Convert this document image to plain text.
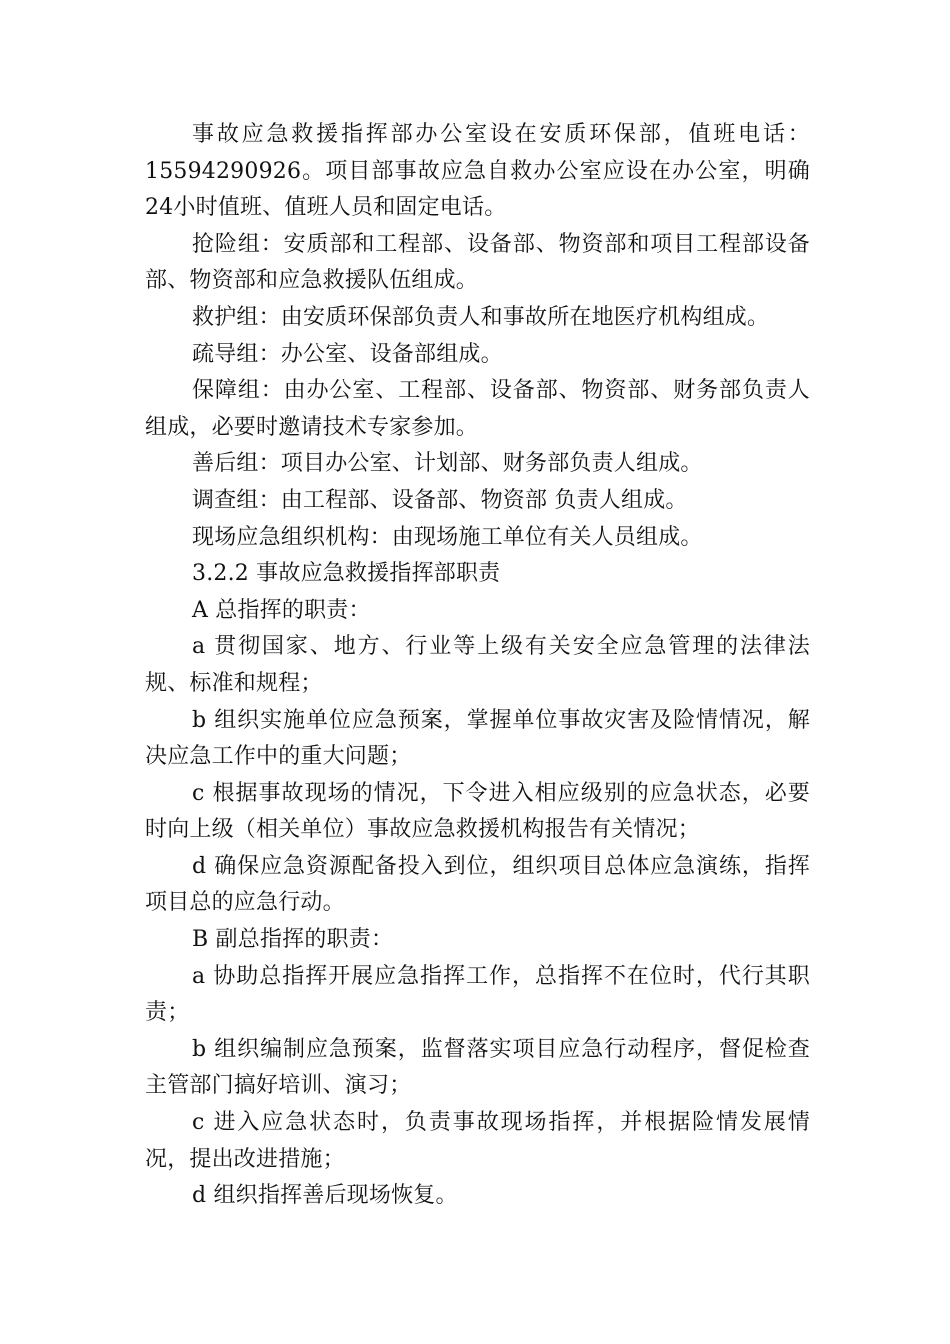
事故应急救援指挥部办公室设在安质环保部，值班电话：15594290926。项目部事故应急自救办公室应设在办公室，明确24小时值班、值班人员和固定电话。

抢险组：安质部和工程部、设备部、物资部和项目工程部设备部、物资部和应急救援队伍组成。

救护组：由安质环保部负责人和事故所在地医疗机构组成。

疏导组：办公室、设备部组成。

保障组：由办公室、工程部、设备部、物资部、财务部负责人组成，必要时邀请技术专家参加。

善后组：项目办公室、计划部、财务部负责人组成。

调查组：由工程部、设备部、物资部 负责人组成。

现场应急组织机构：由现场施工单位有关人员组成。

3.2.2 事故应急救援指挥部职责

A 总指挥的职责：

a 贯彻国家、地方、行业等上级有关安全应急管理的法律法规、标准和规程；

b 组织实施单位应急预案，掌握单位事故灾害及险情情况，解决应急工作中的重大问题；

c 根据事故现场的情况，下令进入相应级别的应急状态，必要时向上级（相关单位）事故应急救援机构报告有关情况；

d 确保应急资源配备投入到位，组织项目总体应急演练，指挥项目总的应急行动。

B 副总指挥的职责：

a 协助总指挥开展应急指挥工作，总指挥不在位时，代行其职责；

b 组织编制应急预案，监督落实项目应急行动程序，督促检查主管部门搞好培训、演习；

c 进入应急状态时，负责事故现场指挥，并根据险情发展情况，提出改进措施；

d 组织指挥善后现场恢复。
